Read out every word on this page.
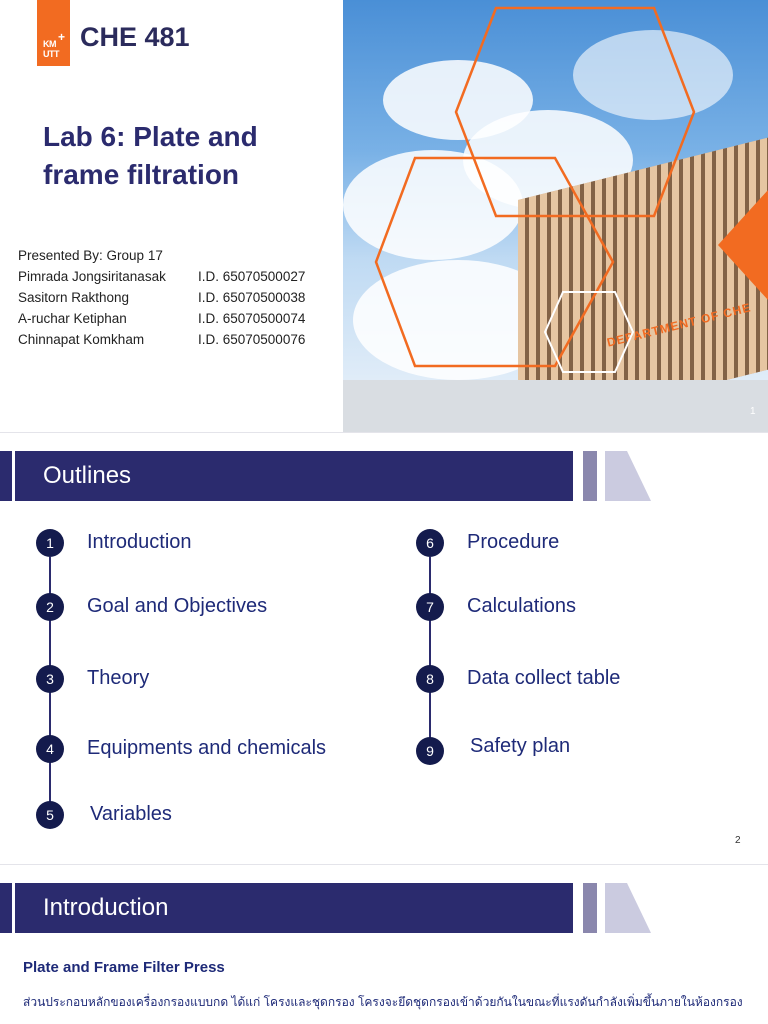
+
KM
UTT
CHE 481
Lab 6: Plate and frame filtration
Presented By: Group 17
Pimrada Jongsiritanasak I.D. 65070500027
Sasitorn Rakthong	I.D. 65070500038
A-ruchar Ketiphan	I.D. 65070500074
Chinnapat Komkham	I.D. 65070500076	DEPARTMENT OF CHE
1
Outlines
1	Introduction
2	Goal and Objectives
3	Theory
4	Equipments and chemicals
5	Variables
6	Procedure
7	Calculations
8	Data collect table
9	Safety plan
2
Introduction
Plate and Frame Filter Press
ส่วนประกอบหลักของเครื่องกรองแบบกด ได้แก่ โครงและชุดกรอง โครงจะยึดชุดกรองเข้าด้วยกันในขณะที่แรงดันกำลังเพิ่มขึ้นภายในห้องกรอง
